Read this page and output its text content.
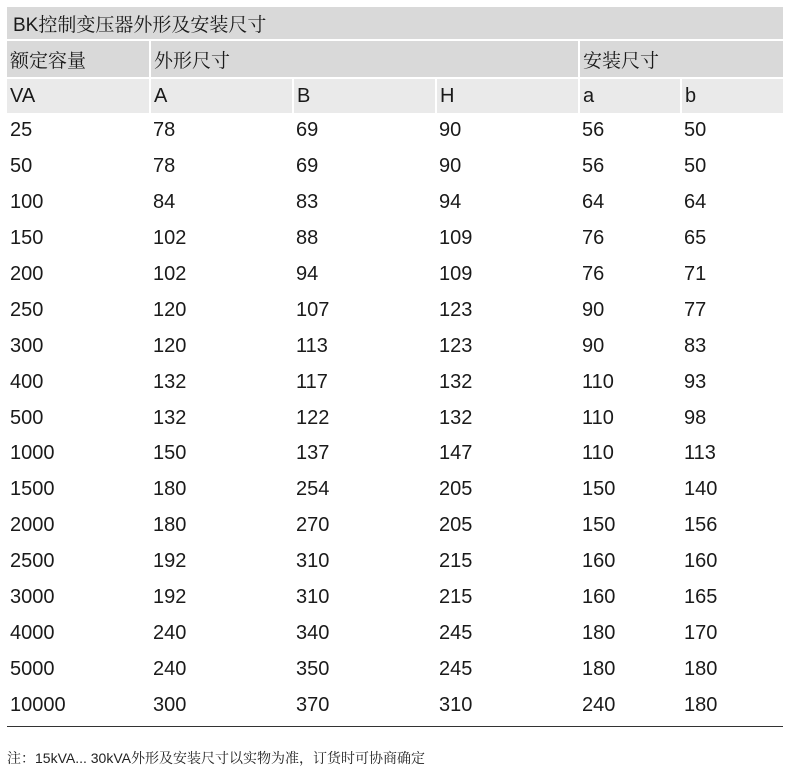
BK控制变压器外形及安装尺寸
额定容量	外形尺寸			安装尺寸	
VA	A	B	H	a	b
25	78	69	90	56	50
50	78	69	90	56	50
100	84	83	94	64	64
150	102	88	109	76	65
200	102	94	109	76	71
250	120	107	123	90	77
300	120	113	123	90	83
400	132	117	132	110	93
500	132	122	132	110	98
1000	150	137	147	110	113
1500	180	254	205	150	140
2000	180	270	205	150	156
2500	192	310	215	160	160
3000	192	310	215	160	165
4000	240	340	245	180	170
5000	240	350	245	180	180
10000	300	370	310	240	180
注：15kVA... 30kVA外形及安装尺寸以实物为准，订货时可协商确定
